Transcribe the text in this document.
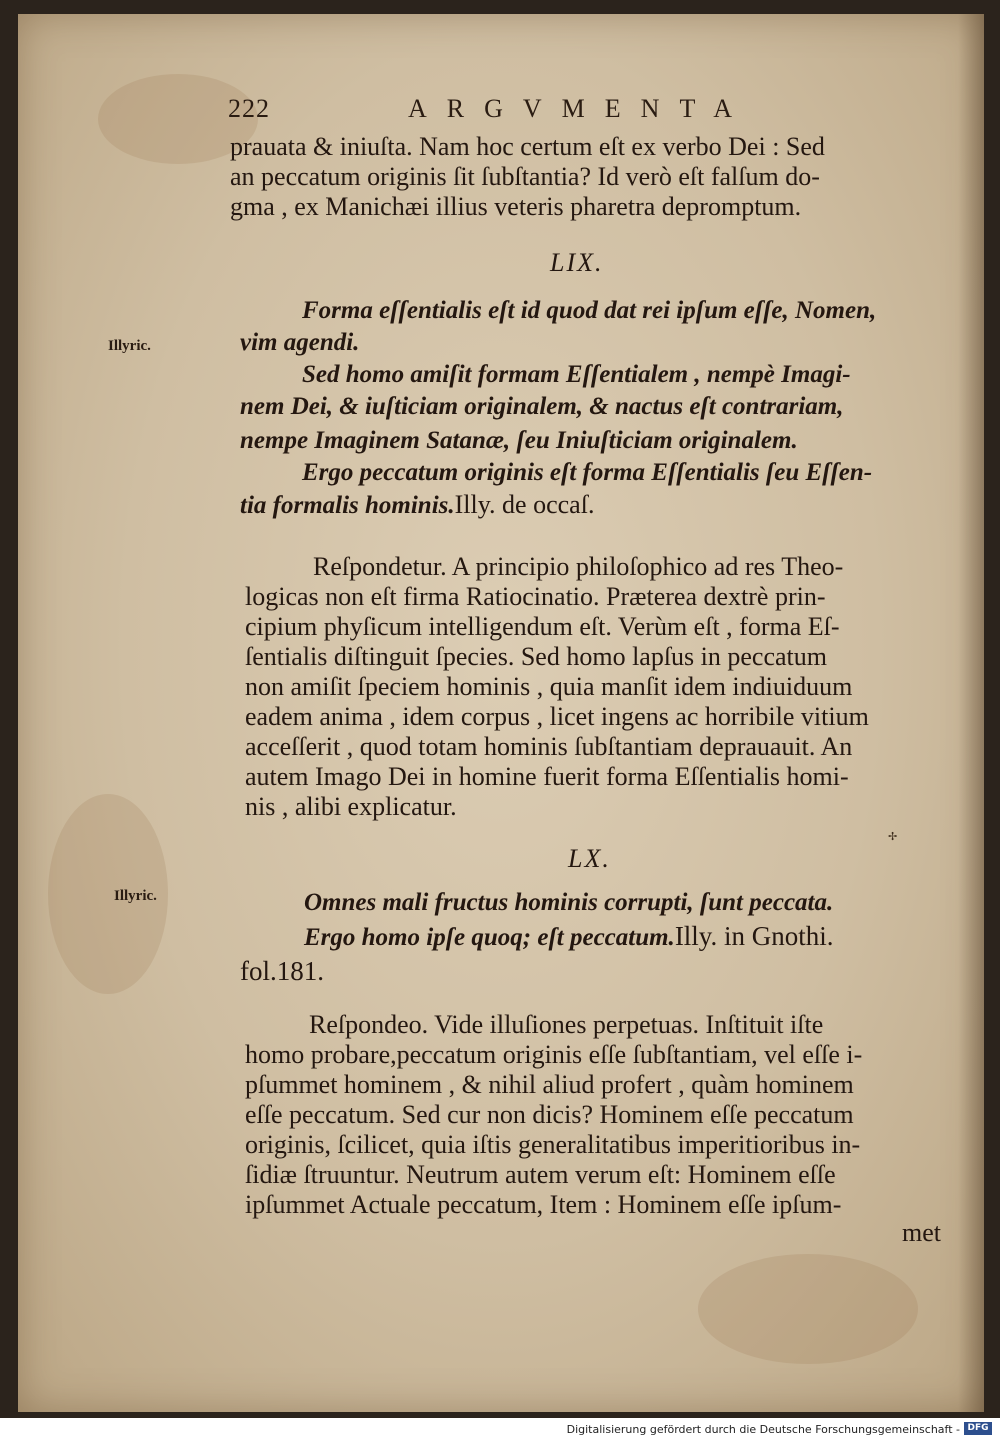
222	ARGVMENTA
prauata & iniuſta. Nam hoc certum eſt ex verbo Dei : Sed
an peccatum originis ſit ſubſtantia? Id verò eſt falſum do-
gma , ex Manichæi illius veteris pharetra depromptum.
LIX.
Illyric.
Forma eſſentialis eſt id quod dat rei ipſum eſſe, Nomen,
vim agendi.
Sed homo amiſit formam Eſſentialem , nempè Imagi-
nem Dei, & iuſticiam originalem, & nactus eſt contrariam,
nempe Imaginem Satanæ, ſeu Iniuſticiam originalem.
Ergo peccatum originis eſt forma Eſſentialis ſeu Eſſen-
tia formalis hominis.Illy. de occaſ.
Reſpondetur. A principio philoſophico ad res Theo-
logicas non eſt firma Ratiocinatio. Præterea dextrè prin-
cipium phyſicum intelligendum eſt. Verùm eſt , forma Eſ-
ſentialis diſtinguit ſpecies. Sed homo lapſus in peccatum
non amiſit ſpeciem hominis , quia manſit idem indiuiduum
eadem anima , idem corpus , licet ingens ac horribile vitium
acceſſerit , quod totam hominis ſubſtantiam deprauauit. An
autem Imago Dei in homine fuerit forma Eſſentialis homi-
nis , alibi explicatur.
✢
LX.
Illyric.	Omnes mali fructus hominis corrupti, ſunt peccata.
Ergo homo ipſe quoq; eſt peccatum.Illy. in Gnothi.
fol.181.
Reſpondeo. Vide illuſiones perpetuas. Inſtituit iſte
homo probare,peccatum originis eſſe ſubſtantiam, vel eſſe i-
pſummet hominem , & nihil aliud profert , quàm hominem
eſſe peccatum. Sed cur non dicis? Hominem eſſe peccatum
originis, ſcilicet, quia iſtis generalitatibus imperitioribus in-
ſidiæ ſtruuntur. Neutrum autem verum eſt: Hominem eſſe
ipſummet Actuale peccatum, Item : Hominem eſſe ipſum-
met
Digitalisierung gefördert durch die Deutsche Forschungsgemeinschaft - DFG
